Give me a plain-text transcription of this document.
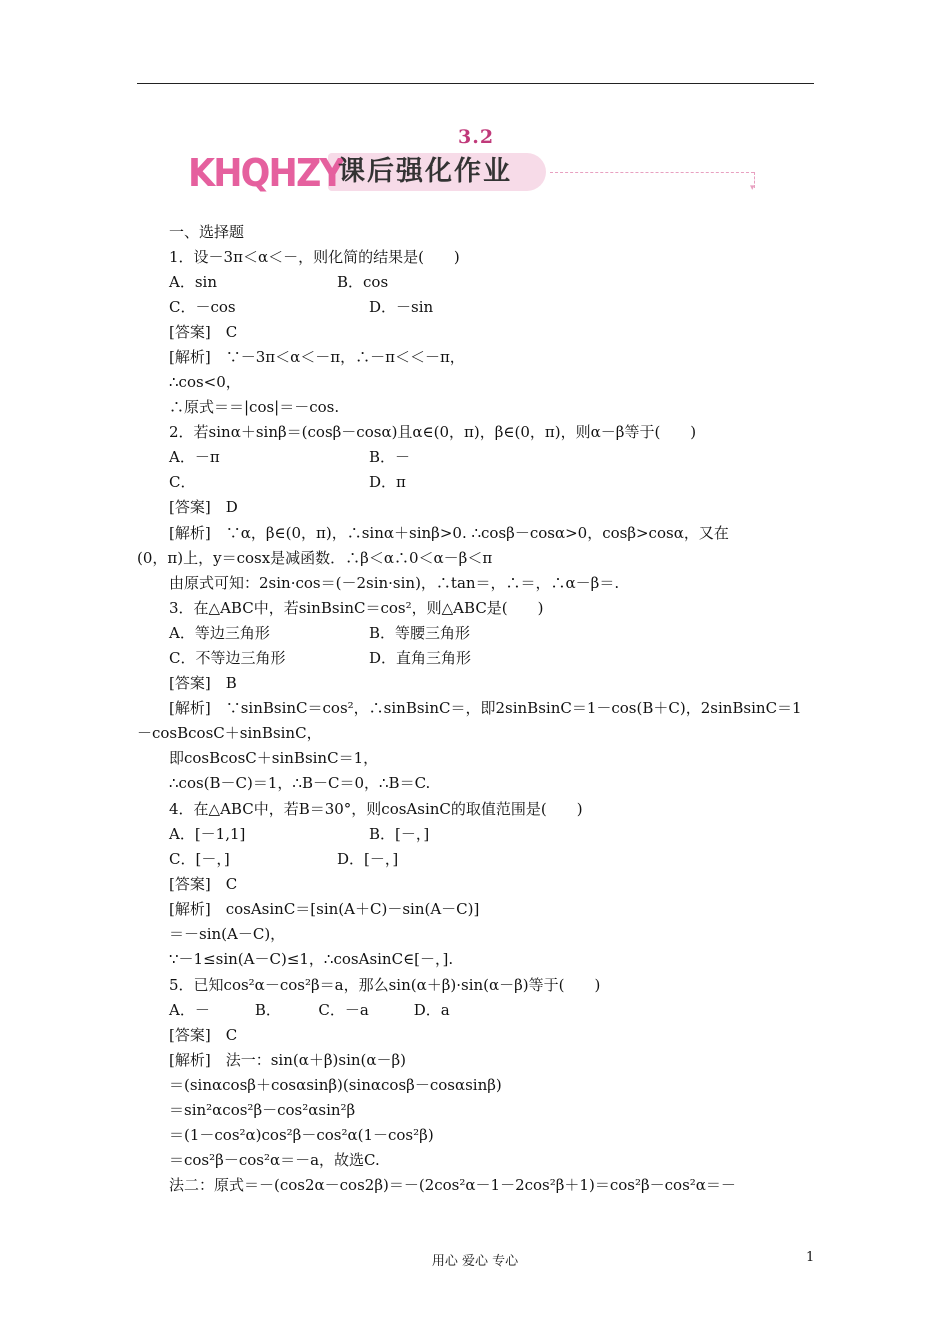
3.2
KHQHZY
课后强化作业
▾
一、选择题
1．设－3π＜α＜－，则化简的结果是(　　)
A．sin	B．cos
C．－cos	D．－sin
[答案]　C
[解析]　∵－3π＜α＜－π，∴－π＜＜－π，
∴cos<0，
∴原式＝＝|cos|＝－cos.
2．若sinα＋sinβ＝(cosβ－cosα)且α∈(0，π)，β∈(0，π)，则α－β等于(　　)
A．－π	B．－
C．	D．π
[答案]　D
[解析]　∵α，β∈(0，π)，∴sinα＋sinβ>0. ∴cosβ－cosα>0，cosβ>cosα，又在
(0，π)上，y＝cosx是减函数．∴β＜α∴0＜α－β＜π
由原式可知：2sin·cos＝(－2sin·sin)，∴tan＝，∴＝，∴α－β＝.
3．在△ABC中，若sinBsinC＝cos²，则△ABC是(　　)
A．等边三角形	B．等腰三角形
C．不等边三角形	D．直角三角形
[答案]　B
[解析]　∵sinBsinC＝cos²，∴sinBsinC＝，即2sinBsinC＝1－cos(B＋C)，2sinBsinC＝1
－cosBcosC＋sinBsinC，
即cosBcosC＋sinBsinC＝1，
∴cos(B－C)＝1，∴B－C＝0，∴B＝C.
4．在△ABC中，若B＝30°，则cosAsinC的取值范围是(　　)
A．[－1,1]	B．[－，]
C．[－，]	D．[－，]
[答案]　C
[解析]　cosAsinC＝[sin(A＋C)－sin(A－C)]
＝－sin(A－C)，
∵－1≤sin(A－C)≤1，∴cosAsinC∈[－，].
5．已知cos²α－cos²β＝a，那么sin(α＋β)·sin(α－β)等于(　　)
A．－　　　B．　　　C．－a　　　D．a
[答案]　C
[解析]　法一：sin(α＋β)sin(α－β)
＝(sinαcosβ＋cosαsinβ)(sinαcosβ－cosαsinβ)
＝sin²αcos²β－cos²αsin²β
＝(1－cos²α)cos²β－cos²α(1－cos²β)
＝cos²β－cos²α＝－a，故选C.
法二：原式＝－(cos2α－cos2β)＝－(2cos²α－1－2cos²β＋1)＝cos²β－cos²α＝－
用心 爱心 专心	1
